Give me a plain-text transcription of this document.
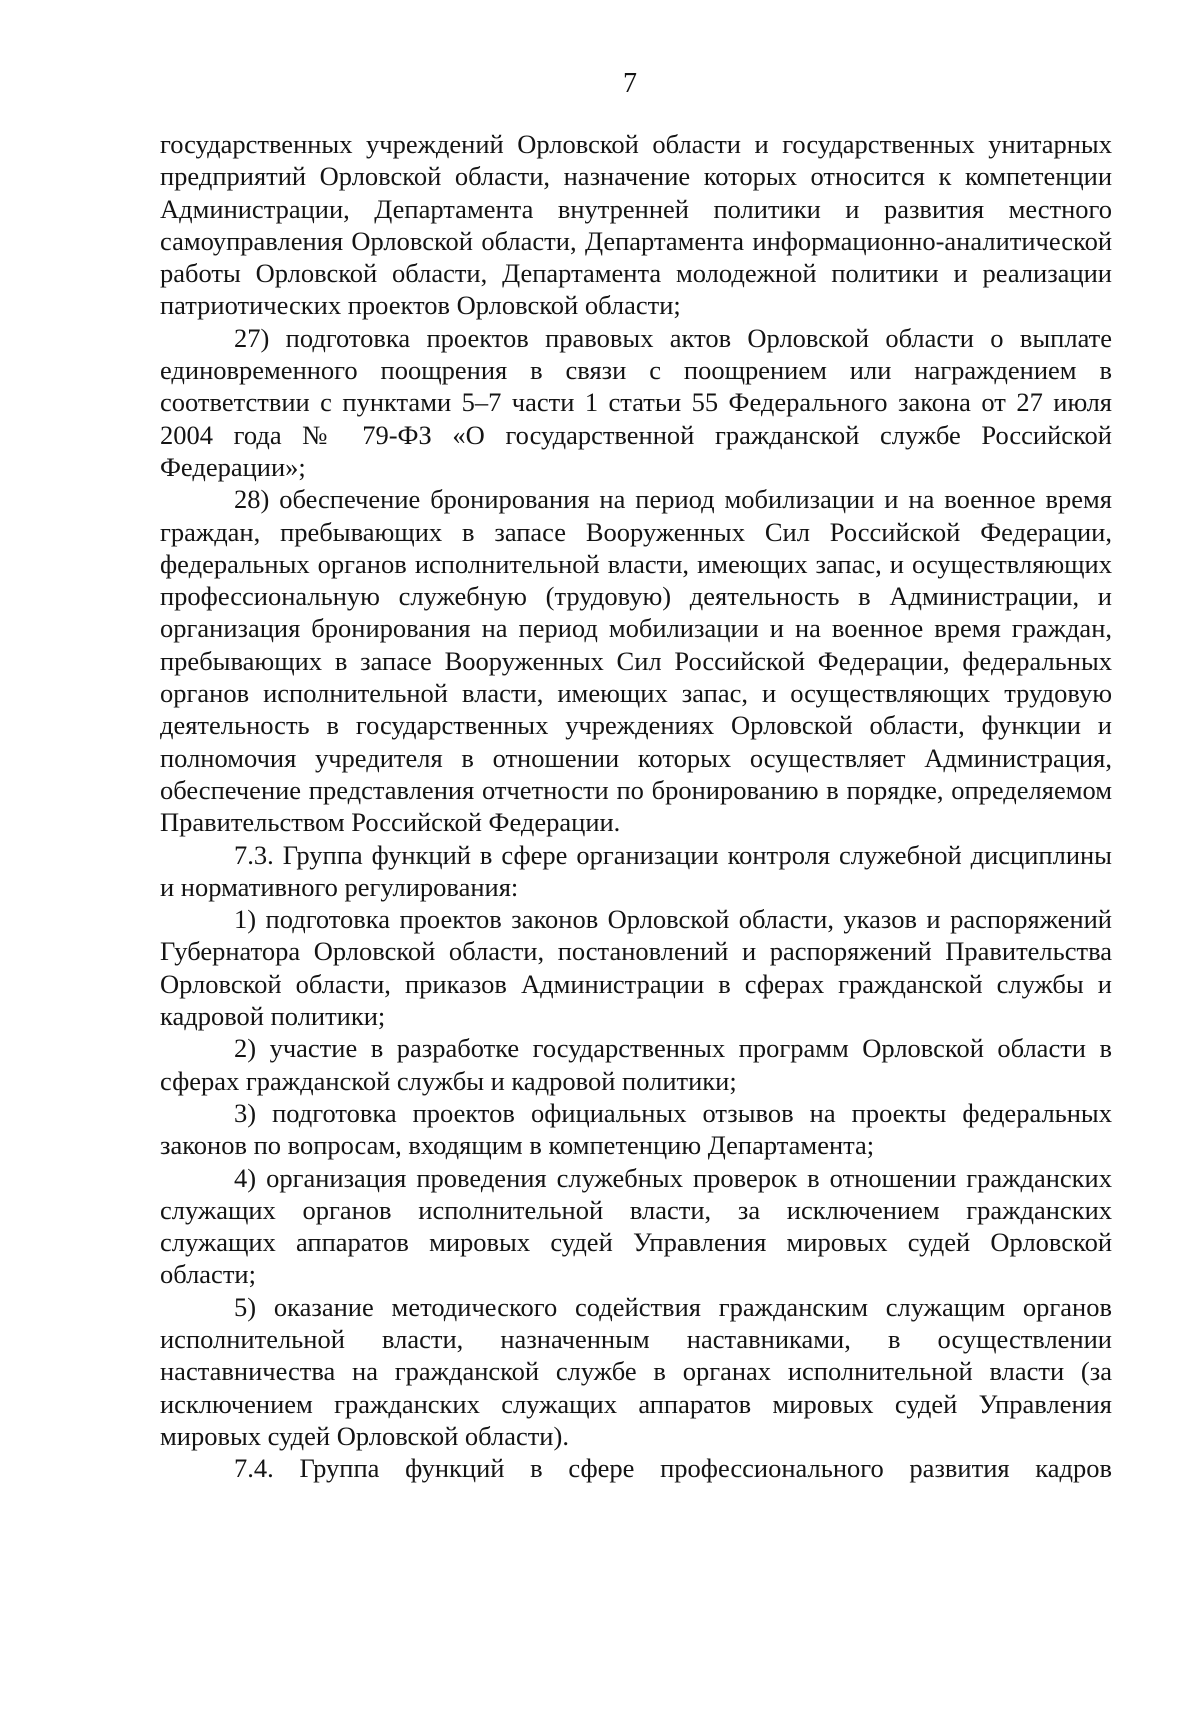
7

государственных учреждений Орловской области и государственных унитарных предприятий Орловской области, назначение которых относится к компетенции Администрации, Департамента внутренней политики и развития местного самоуправления Орловской области, Департамента информационно-аналитической работы Орловской области, Департамента молодежной политики и реализации патриотических проектов Орловской области;

27) подготовка проектов правовых актов Орловской области о выплате единовременного поощрения в связи с поощрением или награждением в соответствии с пунктами 5–7 части 1 статьи 55 Федерального закона от 27 июля 2004 года № 79-ФЗ «О государственной гражданской службе Российской Федерации»;

28) обеспечение бронирования на период мобилизации и на военное время граждан, пребывающих в запасе Вооруженных Сил Российской Федерации, федеральных органов исполнительной власти, имеющих запас, и осуществляющих профессиональную служебную (трудовую) деятельность в Администрации, и организация бронирования на период мобилизации и на военное время граждан, пребывающих в запасе Вооруженных Сил Российской Федерации, федеральных органов исполнительной власти, имеющих запас, и осуществляющих трудовую деятельность в государственных учреждениях Орловской области, функции и полномочия учредителя в отношении которых осуществляет Администрация, обеспечение представления отчетности по бронированию в порядке, определяемом Правительством Российской Федерации.

7.3. Группа функций в сфере организации контроля служебной дисциплины и нормативного регулирования:

1) подготовка проектов законов Орловской области, указов и распоряжений Губернатора Орловской области, постановлений и распоряжений Правительства Орловской области, приказов Администрации в сферах гражданской службы и кадровой политики;

2) участие в разработке государственных программ Орловской области в сферах гражданской службы и кадровой политики;

3) подготовка проектов официальных отзывов на проекты федеральных законов по вопросам, входящим в компетенцию Департамента;

4) организация проведения служебных проверок в отношении гражданских служащих органов исполнительной власти, за исключением гражданских служащих аппаратов мировых судей Управления мировых судей Орловской области;

5) оказание методического содействия гражданским служащим органов исполнительной власти, назначенным наставниками, в осуществлении наставничества на гражданской службе в органах исполнительной власти (за исключением гражданских служащих аппаратов мировых судей Управления мировых судей Орловской области).

7.4. Группа функций в сфере профессионального развития кадров
